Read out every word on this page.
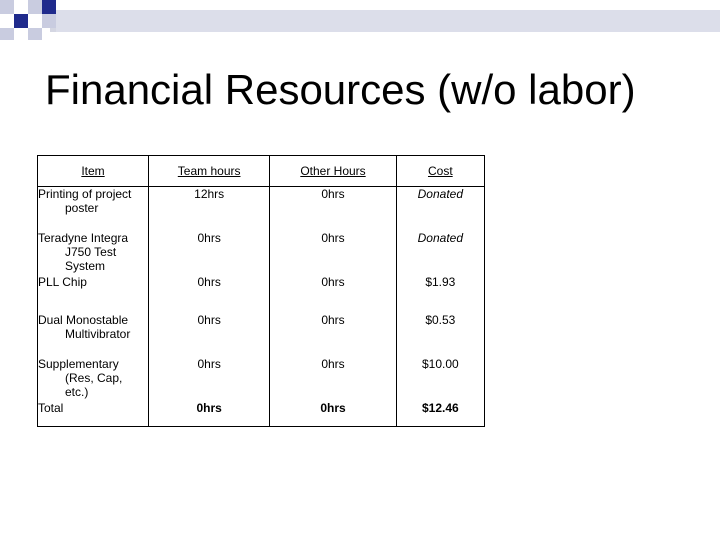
Financial Resources (w/o labor)
Item	Team hours	Other Hours	Cost
Printing of project
poster	12hrs	0hrs	Donated
Teradyne Integra
J750 Test
System	0hrs	0hrs	Donated
PLL Chip	0hrs	0hrs	$1.93
Dual Monostable
Multivibrator	0hrs	0hrs	$0.53
Supplementary
(Res, Cap,
etc.)	0hrs	0hrs	$10.00
Total	0hrs	0hrs	$12.46
